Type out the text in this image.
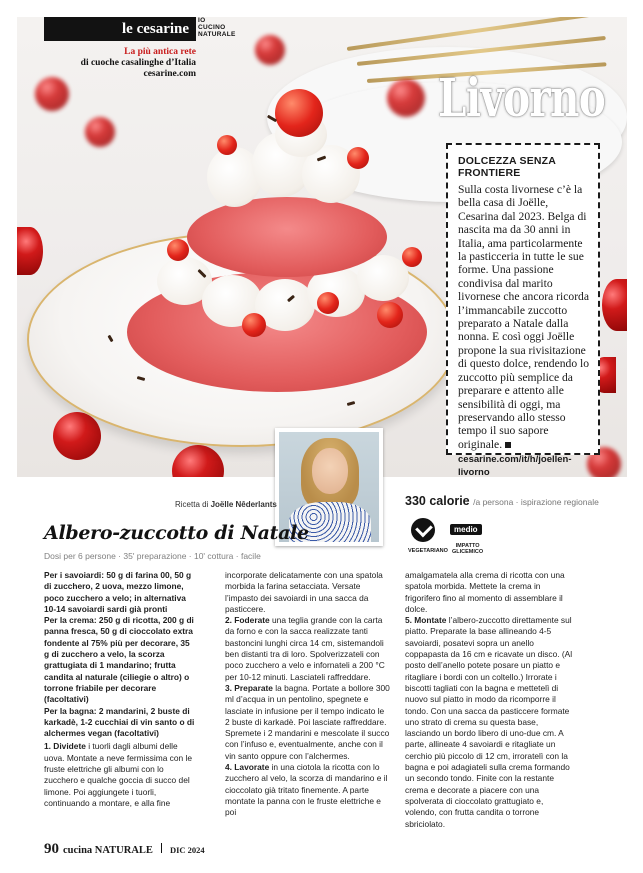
le cesarine
IO
CUCINO
NATURALE
La più antica rete
di cuoche casalinghe d’Italia
cesarine.com	Livorno
DOLCEZZA SENZA FRONTIERE

Sulla costa livornese c’è la bella casa di Joëlle, Cesarina dal 2023. Belga di nascita ma da 30 anni in Italia, ama particolarmente la pasticceria in tutte le sue forme. Una passione condivisa dal marito livornese che ancora ricorda l’immancabile zuccotto preparato a Natale dalla nonna. E così oggi Joëlle propone la sua rivisitazione di questo dolce, rendendo lo zuccotto più semplice da preparare e attento alle sensibilità di oggi, ma preservando allo stesso tempo il suo sapore originale.

cesarine.com/it/h/joellen-livorno
Ricetta di Joëlle Nêderlants	330 calorie /a persona · ispirazione regionale
Albero-zuccotto di Natale
Dosi per 6 persone · 35' preparazione · 10' cottura · facile	VEGETARIANO
medio
IMPATTO
GLICEMICO

Per i savoiardi: 50 g di farina 00, 50 g di zucchero, 2 uova, mezzo limone, poco zucchero a velo; in alternativa 10-14 savoiardi sardi già pronti
Per la crema: 250 g di ricotta, 200 g di panna fresca, 50 g di cioccolato extra fondente al 75% più per decorare, 35 g di zucchero a velo, la scorza grattugiata di 1 mandarino; frutta candita al naturale (ciliegie o altro) o torrone friabile per decorare (facoltativi)
Per la bagna: 2 mandarini, 2 buste di karkadè, 1-2 cucchiai di vin santo o di alchermes vegan (facoltativi)

1. Dividete i tuorli dagli albumi delle uova. Montate a neve fermissima con le fruste elettriche gli albumi con lo zucchero e qualche goccia di succo del limone. Poi aggiungete i tuorli, continuando a montare, e alla fine

incorporate delicatamente con una spatola morbida la farina setacciata. Versate l’impasto dei savoiardi in una sacca da pasticcere.

2. Foderate una teglia grande con la carta da forno e con la sacca realizzate tanti bastoncini lunghi circa 14 cm, sistemandoli ben distanti tra di loro. Spolverizzateli con poco zucchero a velo e infornateli a 200 °C per 10-12 minuti. Lasciateli raffreddare.

3. Preparate la bagna. Portate a bollore 300 ml d’acqua in un pentolino, spegnete e lasciate in infusione per il tempo indicato le 2 buste di karkadè. Poi lasciate raffreddare. Spremete i 2 mandarini e mescolate il succo con l’infuso e, eventualmente, anche con il vin santo oppure con l’alchermes.

4. Lavorate in una ciotola la ricotta con lo zucchero al velo, la scorza di mandarino e il cioccolato già tritato finemente. A parte montate la panna con le fruste elettriche e poi

amalgamatela alla crema di ricotta con una spatola morbida. Mettete la crema in frigorifero fino al momento di assemblare il dolce.

5. Montate l’albero-zuccotto direttamente sul piatto. Preparate la base allineando 4-5 savoiardi, posatevi sopra un anello coppapasta da 16 cm e ricavate un disco. (Al posto dell’anello potete posare un piatto e ritagliare i bordi con un coltello.) Irrorate i biscotti tagliati con la bagna e mettetelì di nuovo sul piatto in modo da ricomporre il tondo. Con una sacca da pasticcere formate uno strato di crema su questa base, lasciando un bordo libero di uno-due cm. A parte, allineate 4 savoiardi e ritagliate un cerchio più piccolo di 12 cm, irroratelì con la bagna e poi adagiateli sulla crema formando un secondo tondo. Finite con la restante crema e decorate a piacere con una spolverata di cioccolato grattugiato e, volendo, con frutta candita o torrone sbriciolato.

90 cucina NATURALE DIC 2024
